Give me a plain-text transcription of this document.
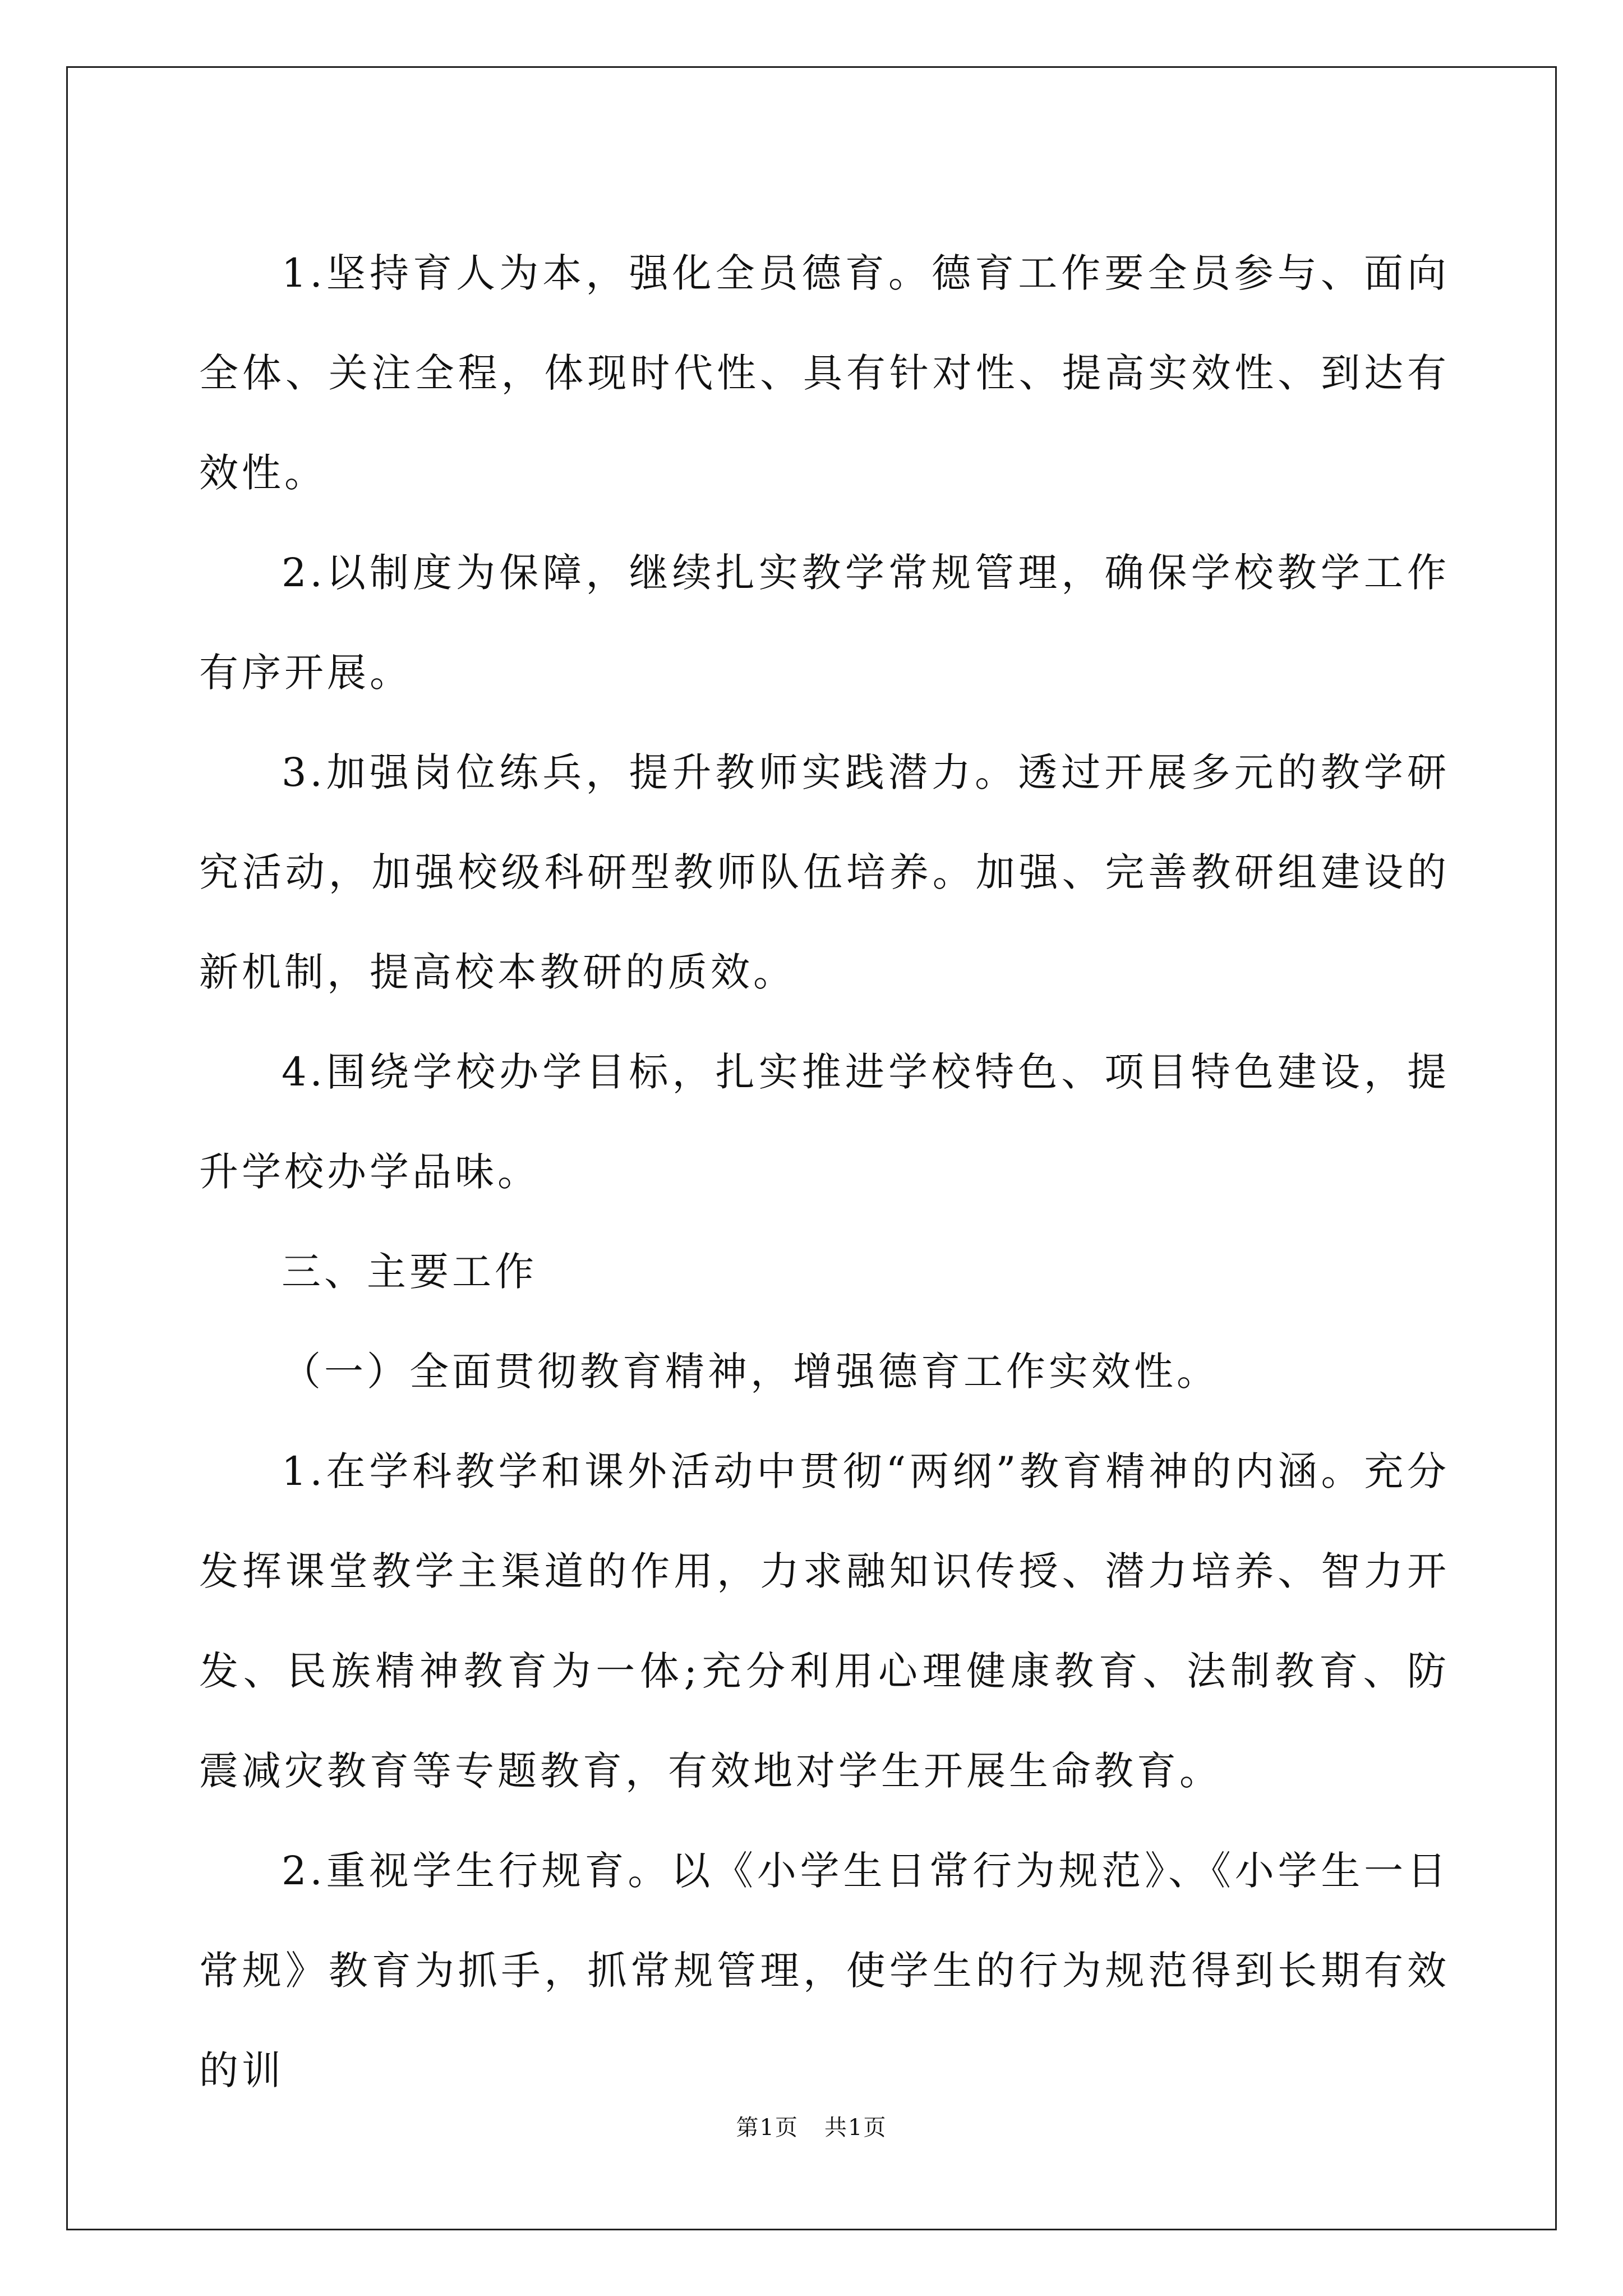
1.坚持育人为本，强化全员德育。德育工作要全员参与、面向全体、关注全程，体现时代性、具有针对性、提高实效性、到达有效性。

2.以制度为保障，继续扎实教学常规管理，确保学校教学工作有序开展。

3.加强岗位练兵，提升教师实践潜力。透过开展多元的教学研究活动，加强校级科研型教师队伍培养。加强、完善教研组建设的新机制，提高校本教研的质效。

4.围绕学校办学目标，扎实推进学校特色、项目特色建设，提升学校办学品味。

三、主要工作

（一）全面贯彻教育精神，增强德育工作实效性。

1.在学科教学和课外活动中贯彻“两纲”教育精神的内涵。充分发挥课堂教学主渠道的作用，力求融知识传授、潜力培养、智力开发、民族精神教育为一体;充分利用心理健康教育、法制教育、防震减灾教育等专题教育，有效地对学生开展生命教育。

2.重视学生行规育。以《小学生日常行为规范》、《小学生一日常规》教育为抓手，抓常规管理，使学生的行为规范得到长期有效的训

第1页 共1页
